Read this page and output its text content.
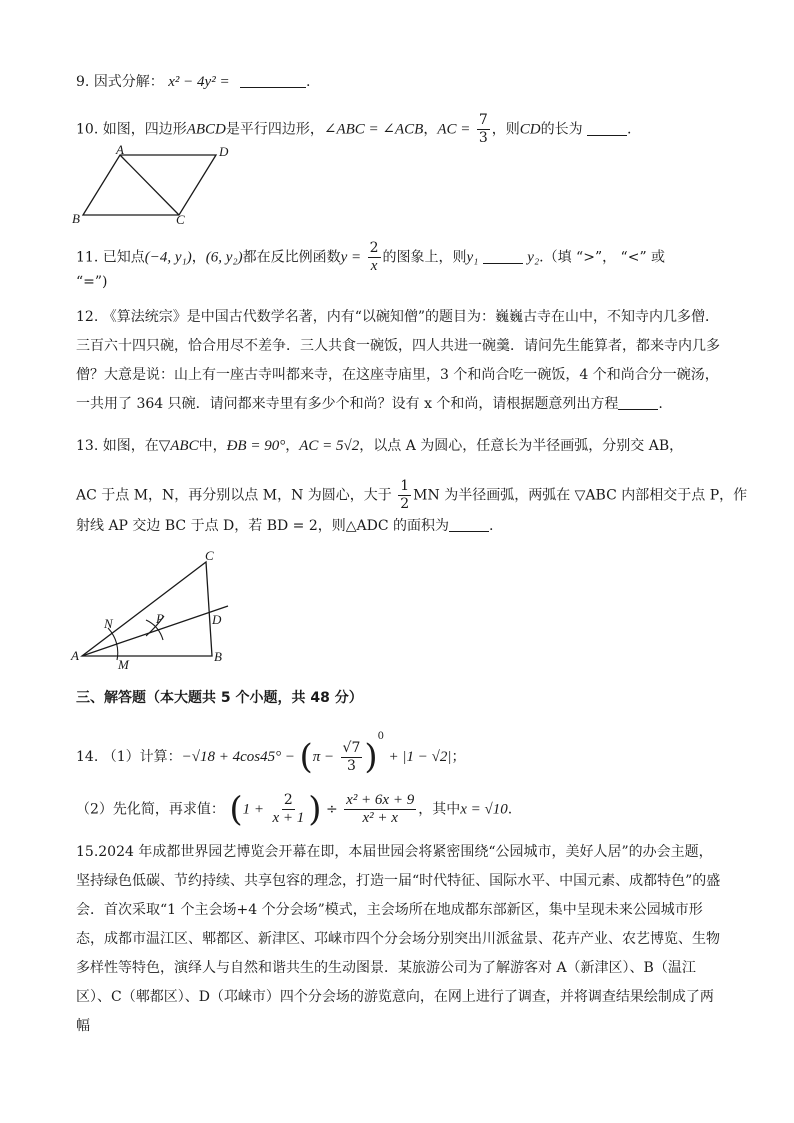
9. 因式分解： x² − 4y² =	.
10. 如图，四边形ABCD是平行四边形，∠ABC = ∠ACB，AC = $\frac{7}{3}$ ，则CD的长为	.
A	D
B	C
11. 已知点(−4, y₁)，(6, y₂)都在反比例函数$y = \frac{2}{x}$ 的图象上，则y₁	y₂.（填 “>”， “<” 或
“=”)
12. 《算法统宗》是中国古代数学名著，内有“以碗知僧”的题目为：巍巍古寺在山中，不知寺内几多僧．三百六十四只碗，恰合用尽不差争．三人共食一碗饭，四人共进一碗羹．请问先生能算者，都来寺内几多僧？大意是说：山上有一座古寺叫都来寺，在这座寺庙里，3 个和尚合吃一碗饭，4 个和尚合分一碗汤，一共用了 364 只碗．请问都来寺里有多少个和尚？设有 x 个和尚，请根据题意列出方程	.
13. 如图，在▽ABC中，ÐB = 90°，AC = 5√2，以点 A 为圆心，任意长为半径画弧，分别交 AB，
AC 于点 M，N，再分别以点 M，N 为圆心，大于 $\frac{1}{2}$ MN 为半径画弧，两弧在 ▽ABC 内部相交于点 P，作
射线 AP 交边 BC 于点 D，若 BD = 2，则△ADC 的面积为	.
C
N	P	D
A
M
B
三、解答题（本大题共 5 个小题，共 48 分）
14. （1）计算：$-√18 + 4\cos 45^\circ - (\pi - \frac{√7}{3} )^0 + |1 - √2|$；
（2）先化简，再求值： ($1 + \frac{2}{x + 1}$ ) ÷ $\frac{\text{x² + 6x + 9}}{\text{x² + x}}$ ，其中x = √10.
15.2024 年成都世界园艺博览会开幕在即，本届世园会将紧密围绕“公园城市，美好人居”的办会主题，坚持绿色低碳、节约持续、共享包容的理念，打造一届“时代特征、国际水平、中国元素、成都特色”的盛会．首次采取“1 个主会场+4 个分会场”模式，主会场所在地成都东部新区，集中呈现未来公园城市形态，成都市温江区、郫都区、新津区、邛崃市四个分会场分别突出川派盆景、花卉产业、农艺博览、生物多样性等特色，演绎人与自然和谐共生的生动图景．某旅游公司为了解游客对 A（新津区）、B（温江区）、C（郫都区）、D（邛崃市）四个分会场的游览意向，在网上进行了调查，并将调查结果绘制成了两幅
